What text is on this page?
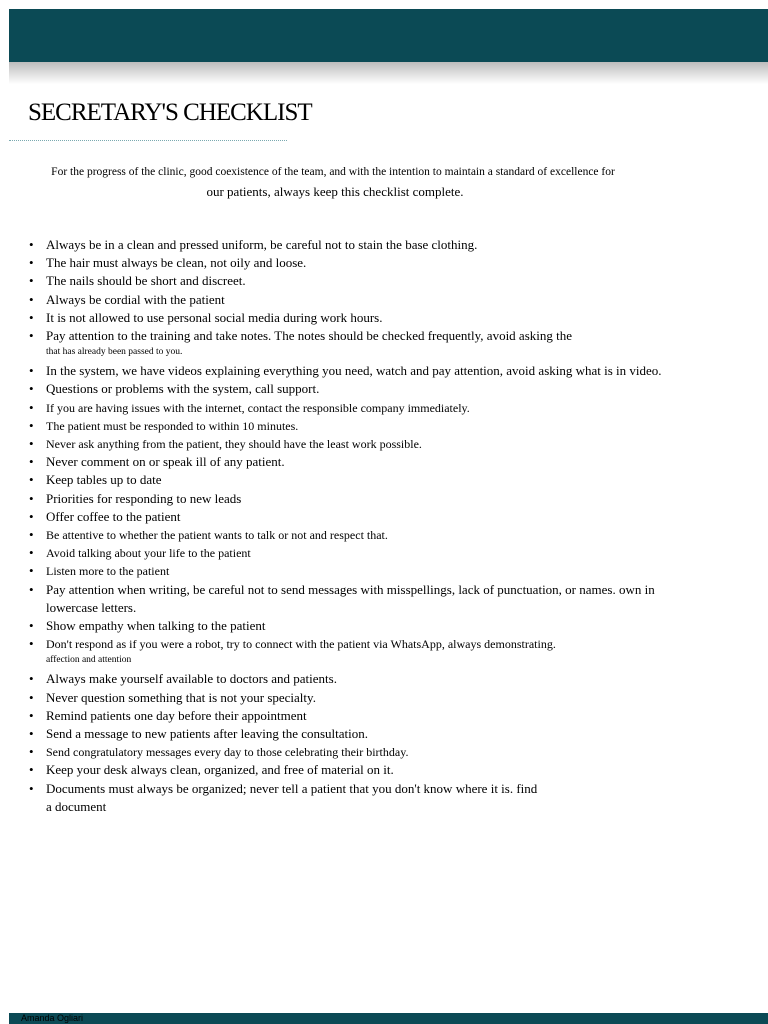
SECRETARY'S CHECKLIST
For the progress of the clinic, good coexistence of the team, and with the intention to maintain a standard of excellence for
our patients, always keep this checklist complete.
• Always be in a clean and pressed uniform, be careful not to stain the base clothing.
• The hair must always be clean, not oily and loose.
• The nails should be short and discreet.
• Always be cordial with the patient
• It is not allowed to use personal social media during work hours.
• Pay attention to the training and take notes. The notes should be checked frequently, avoid asking the
that has already been passed to you.
• In the system, we have videos explaining everything you need, watch and pay attention, avoid asking what is in video.
• Questions or problems with the system, call support.
• If you are having issues with the internet, contact the responsible company immediately.
• The patient must be responded to within 10 minutes.
• Never ask anything from the patient, they should have the least work possible.
• Never comment on or speak ill of any patient.
• Keep tables up to date
• Priorities for responding to new leads
• Offer coffee to the patient
• Be attentive to whether the patient wants to talk or not and respect that.
• Avoid talking about your life to the patient
• Listen more to the patient
• Pay attention when writing, be careful not to send messages with misspellings, lack of punctuation, or names. own in lowercase letters.
• Show empathy when talking to the patient
• Don't respond as if you were a robot, try to connect with the patient via WhatsApp, always demonstrating.
affection and attention
• Always make yourself available to doctors and patients.
• Never question something that is not your specialty.
• Remind patients one day before their appointment
• Send a message to new patients after leaving the consultation.
• Send congratulatory messages every day to those celebrating their birthday.
• Keep your desk always clean, organized, and free of material on it.
• Documents must always be organized; never tell a patient that you don't know where it is. find a document
Amanda Ogliari
